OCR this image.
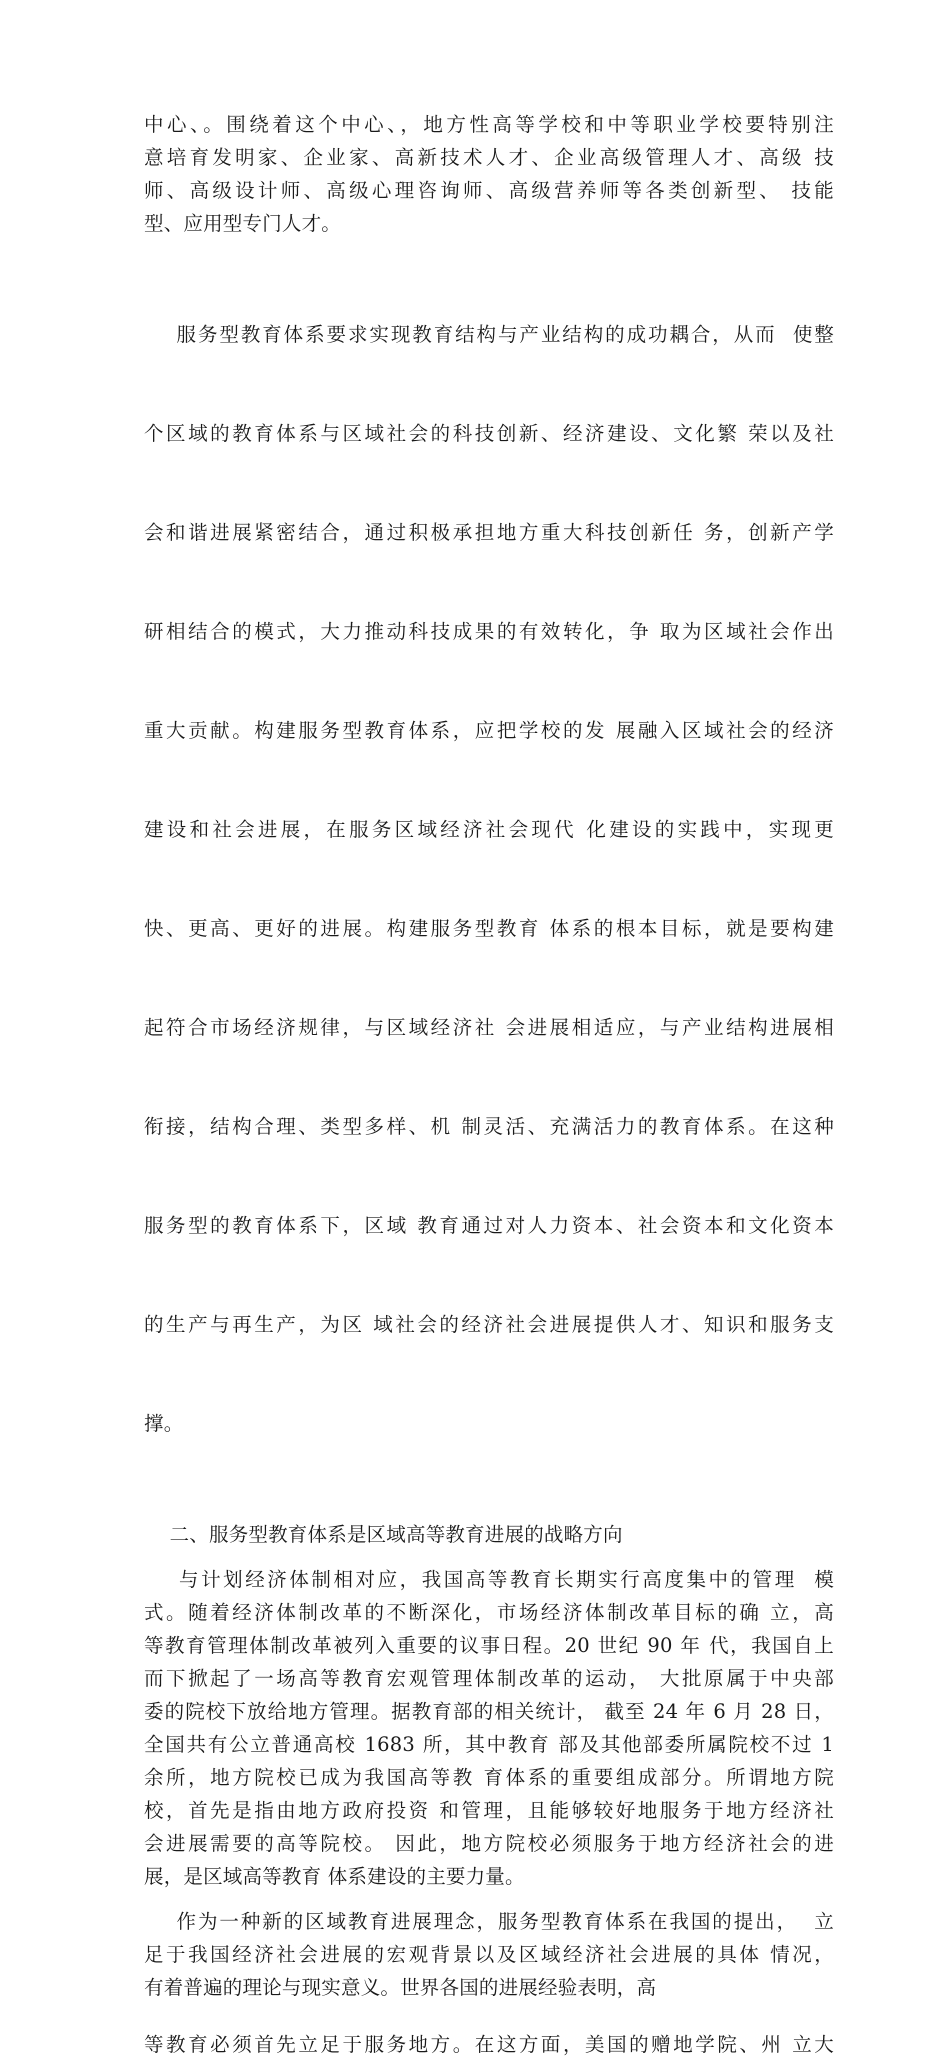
中心、。围绕着这个中心、，地方性高等学校和中等职业学校要特别注
意培育发明家、企业家、高新技术人才、企业高级管理人才、高级 技
师、高级设计师、高级心理咨询师、高级营养师等各类创新型、 技能
型、应用型专门人才。

服务型教育体系要求实现教育结构与产业结构的成功耦合，从而  使整

个区域的教育体系与区域社会的科技创新、经济建设、文化繁 荣以及社

会和谐进展紧密结合，通过积极承担地方重大科技创新任 务，创新产学

研相结合的模式，大力推动科技成果的有效转化，争 取为区域社会作出

重大贡献。构建服务型教育体系，应把学校的发 展融入区域社会的经济

建设和社会进展，在服务区域经济社会现代 化建设的实践中，实现更

快、更高、更好的进展。构建服务型教育 体系的根本目标，就是要构建

起符合市场经济规律，与区域经济社 会进展相适应，与产业结构进展相

衔接，结构合理、类型多样、机 制灵活、充满活力的教育体系。在这种

服务型的教育体系下，区域 教育通过对人力资本、社会资本和文化资本

的生产与再生产，为区 域社会的经济社会进展提供人才、知识和服务支

撑。

二、服务型教育体系是区域高等教育进展的战略方向

与计划经济体制相对应，我国高等教育长期实行高度集中的管理  模
式。随着经济体制改革的不断深化，市场经济体制改革目标的确 立，高
等教育管理体制改革被列入重要的议事日程。20 世纪 90 年 代，我国自上
而下掀起了一场高等教育宏观管理体制改革的运动， 大批原属于中央部
委的院校下放给地方管理。据教育部的相关统计， 截至 24 年 6 月 28 日，
全国共有公立普通高校 1683 所，其中教育 部及其他部委所属院校不过 1
余所，地方院校已成为我国高等教 育体系的重要组成部分。所谓地方院
校，首先是指由地方政府投资 和管理，且能够较好地服务于地方经济社
会进展需要的高等院校。 因此，地方院校必须服务于地方经济社会的进
展，是区域高等教育 体系建设的主要力量。

作为一种新的区域教育进展理念，服务型教育体系在我国的提出，  立
足于我国经济社会进展的宏观背景以及区域经济社会进展的具体 情况，
有着普遍的理论与现实意义。世界各国的进展经验表明，高

等教育必须首先立足于服务地方。在这方面，美国的赠地学院、州 立大
